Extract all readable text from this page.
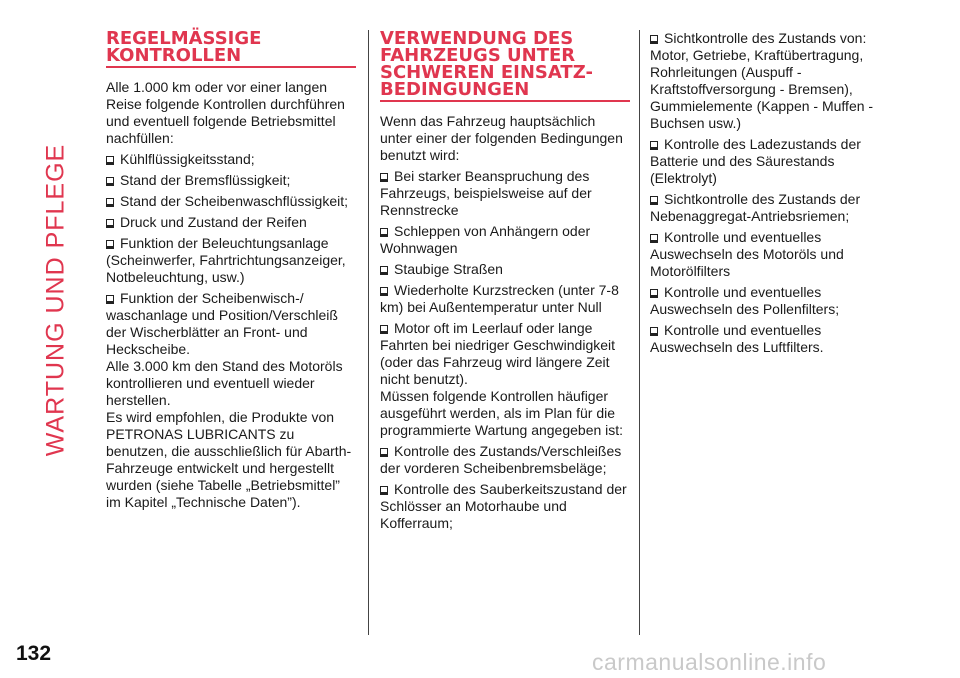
WARTUNG UND PFLEGE
REGELMÄSSIGE KONTROLLEN

Alle 1.000 km oder vor einer langen Reise folgende Kontrollen durchführen und eventuell folgende Betriebsmittel nachfüllen:

Kühlflüssigkeitsstand;

Stand der Bremsflüssigkeit;

Stand der Scheibenwaschflüssigkeit;

Druck und Zustand der Reifen

Funktion der Beleuchtungsanlage (Scheinwerfer, Fahrtrichtungsanzeiger, Notbeleuchtung, usw.)

Funktion der Scheibenwisch-/ waschanlage und Position/Verschleiß der Wischerblätter an Front- und Heckscheibe.

Alle 3.000 km den Stand des Motoröls kontrollieren und eventuell wieder herstellen.

Es wird empfohlen, die Produkte von PETRONAS LUBRICANTS zu benutzen, die ausschließlich für Abarth-Fahrzeuge entwickelt und hergestellt wurden (siehe Tabelle „Betriebsmittel” im Kapitel „Technische Daten”).

VERWENDUNG DES FAHRZEUGS UNTER SCHWEREN EINSATZ-BEDINGUNGEN

Wenn das Fahrzeug hauptsächlich unter einer der folgenden Bedingungen benutzt wird:

Bei starker Beanspruchung des Fahrzeugs, beispielsweise auf der Rennstrecke

Schleppen von Anhängern oder Wohnwagen

Staubige Straßen

Wiederholte Kurzstrecken (unter 7-8 km) bei Außentemperatur unter Null

Motor oft im Leerlauf oder lange Fahrten bei niedriger Geschwindigkeit (oder das Fahrzeug wird längere Zeit nicht benutzt).

Müssen folgende Kontrollen häufiger ausgeführt werden, als im Plan für die programmierte Wartung angegeben ist:

Kontrolle des Zustands/Verschleißes der vorderen Scheibenbremsbeläge;

Kontrolle des Sauberkeitszustand der Schlösser an Motorhaube und Kofferraum;

Sichtkontrolle des Zustands von: Motor, Getriebe, Kraftübertragung, Rohrleitungen (Auspuff - Kraftstoffversorgung - Bremsen), Gummielemente (Kappen - Muffen - Buchsen usw.)

Kontrolle des Ladezustands der Batterie und des Säurestands (Elektrolyt)

Sichtkontrolle des Zustands der Nebenaggregat-Antriebsriemen;

Kontrolle und eventuelles Auswechseln des Motoröls und Motorölfilters

Kontrolle und eventuelles Auswechseln des Pollenfilters;

Kontrolle und eventuelles Auswechseln des Luftfilters.

132	carmanualsonline.info
